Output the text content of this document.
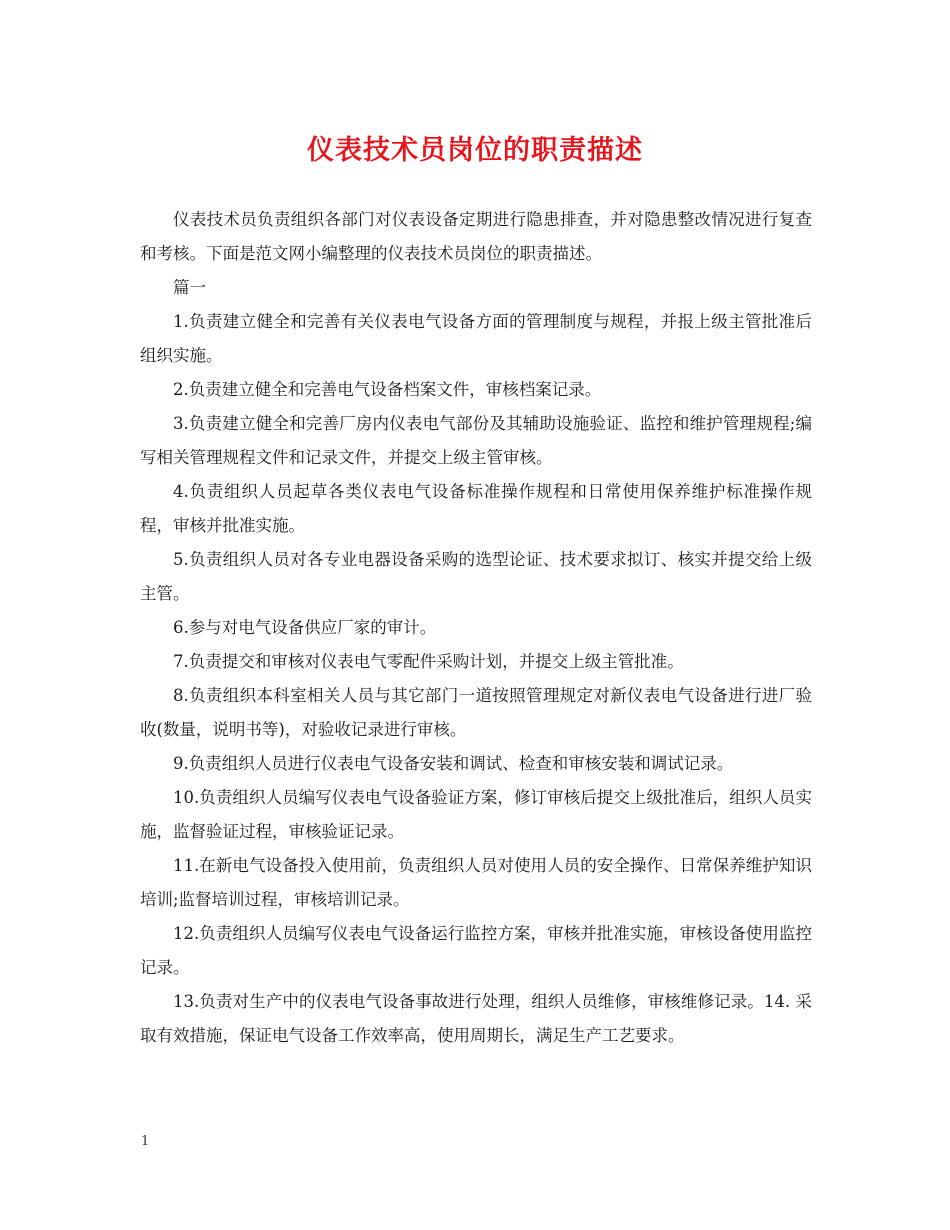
仪表技术员岗位的职责描述

仪表技术员负责组织各部门对仪表设备定期进行隐患排查，并对隐患整改情况进行复查和考核。下面是范文网小编整理的仪表技术员岗位的职责描述。

篇一

1.负责建立健全和完善有关仪表电气设备方面的管理制度与规程，并报上级主管批准后组织实施。

2.负责建立健全和完善电气设备档案文件，审核档案记录。

3.负责建立健全和完善厂房内仪表电气部份及其辅助设施验证、监控和维护管理规程;编写相关管理规程文件和记录文件，并提交上级主管审核。

4.负责组织人员起草各类仪表电气设备标准操作规程和日常使用保养维护标准操作规程，审核并批准实施。

5.负责组织人员对各专业电器设备采购的选型论证、技术要求拟订、核实并提交给上级主管。

6.参与对电气设备供应厂家的审计。

7.负责提交和审核对仪表电气零配件采购计划，并提交上级主管批准。

8.负责组织本科室相关人员与其它部门一道按照管理规定对新仪表电气设备进行进厂验收(数量，说明书等)，对验收记录进行审核。

9.负责组织人员进行仪表电气设备安装和调试、检查和审核安装和调试记录。

10.负责组织人员编写仪表电气设备验证方案，修订审核后提交上级批准后，组织人员实施，监督验证过程，审核验证记录。

11.在新电气设备投入使用前，负责组织人员对使用人员的安全操作、日常保养维护知识培训;监督培训过程，审核培训记录。

12.负责组织人员编写仪表电气设备运行监控方案，审核并批准实施，审核设备使用监控记录。

13.负责对生产中的仪表电气设备事故进行处理，组织人员维修，审核维修记录。14. 采取有效措施，保证电气设备工作效率高，使用周期长，满足生产工艺要求。

1
